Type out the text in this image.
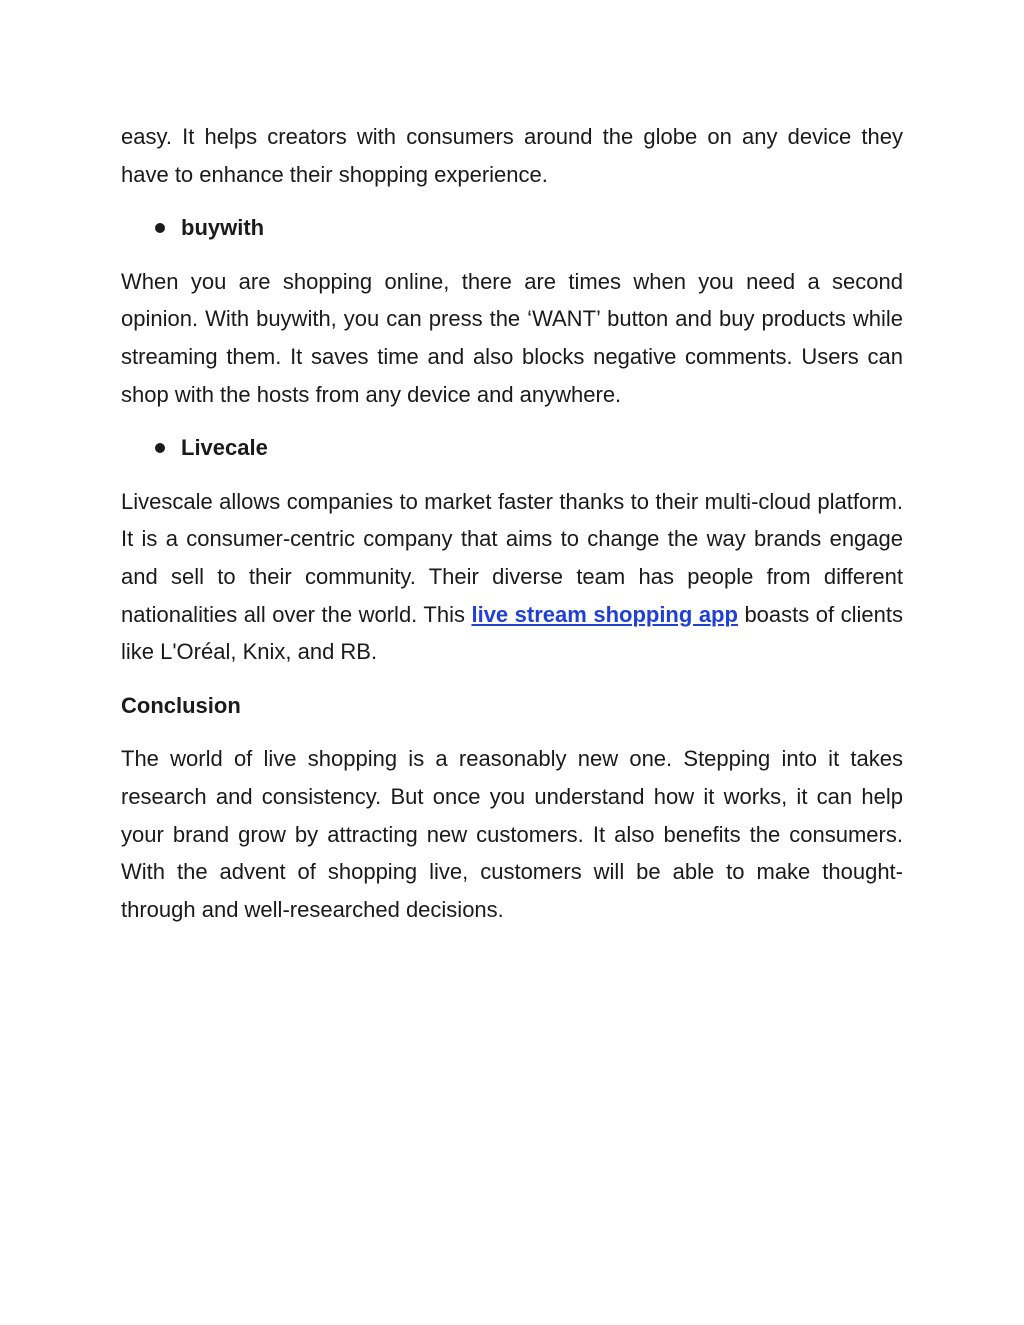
easy. It helps creators with consumers around the globe on any device they have to enhance their shopping experience.

buywith

When you are shopping online, there are times when you need a second opinion. With buywith, you can press the ‘WANT’ button and buy products while streaming them. It saves time and also blocks negative comments. Users can shop with the hosts from any device and anywhere.

Livecale

Livescale allows companies to market faster thanks to their multi-cloud platform. It is a consumer-centric company that aims to change the way brands engage and sell to their community. Their diverse team has people from different nationalities all over the world. This live stream shopping app boasts of clients like L'Oréal, Knix, and RB.

Conclusion

The world of live shopping is a reasonably new one. Stepping into it takes research and consistency. But once you understand how it works, it can help your brand grow by attracting new customers. It also benefits the consumers. With the advent of shopping live, customers will be able to make thought-through and well-researched decisions.
